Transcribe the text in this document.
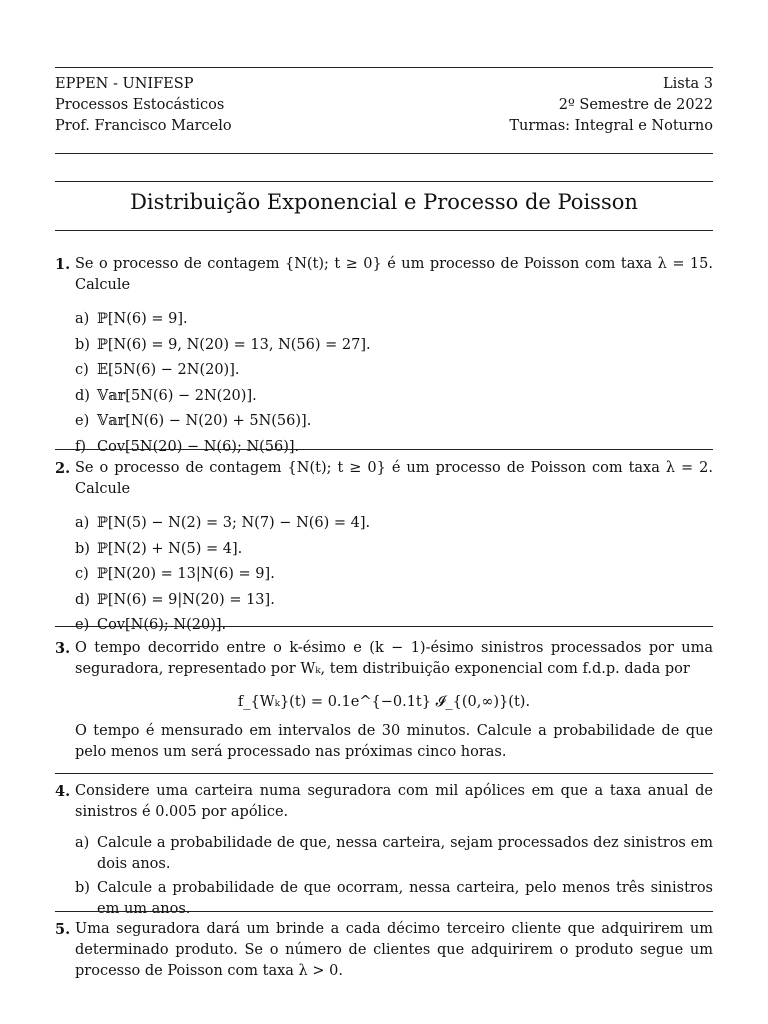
EPPEN - UNIFESP	Lista 3
Processos Estocásticos	2º Semestre de 2022
Prof. Francisco Marcelo	Turmas: Integral e Noturno
Distribuição Exponencial e Processo de Poisson
1. Se o processo de contagem {N(t); t ≥ 0} é um processo de Poisson com taxa λ = 15. Calcule
a) ℙ[N(6) = 9].
b) ℙ[N(6) = 9, N(20) = 13, N(56) = 27].
c) 𝔼[5N(6) − 2N(20)].
d) 𝕍𝕒𝕣[5N(6) − 2N(20)].
e) 𝕍𝕒𝕣[N(6) − N(20) + 5N(56)].
f) Cov[5N(20) − N(6); N(56)].
2. Se o processo de contagem {N(t); t ≥ 0} é um processo de Poisson com taxa λ = 2. Calcule
a) ℙ[N(5) − N(2) = 3; N(7) − N(6) = 4].
b) ℙ[N(2) + N(5) = 4].
c) ℙ[N(20) = 13|N(6) = 9].
d) ℙ[N(6) = 9|N(20) = 13].
e) Cov[N(6); N(20)].
3. O tempo decorrido entre o k-ésimo e (k − 1)-ésimo sinistros processados por uma seguradora, representado por Wₖ, tem distribuição exponencial com f.d.p. dada por
f_{Wₖ}(t) = 0.1e^{−0.1t} 𝓘_{(0,∞)}(t).
O tempo é mensurado em intervalos de 30 minutos. Calcule a probabilidade de que pelo menos um será processado nas próximas cinco horas.
4. Considere uma carteira numa seguradora com mil apólices em que a taxa anual de sinistros é 0.005 por apólice.
a) Calcule a probabilidade de que, nessa carteira, sejam processados dez sinistros em dois anos.
b) Calcule a probabilidade de que ocorram, nessa carteira, pelo menos três sinistros em um anos.
5. Uma seguradora dará um brinde a cada décimo terceiro cliente que adquirirem um determinado produto. Se o número de clientes que adquirirem o produto segue um processo de Poisson com taxa λ > 0.
